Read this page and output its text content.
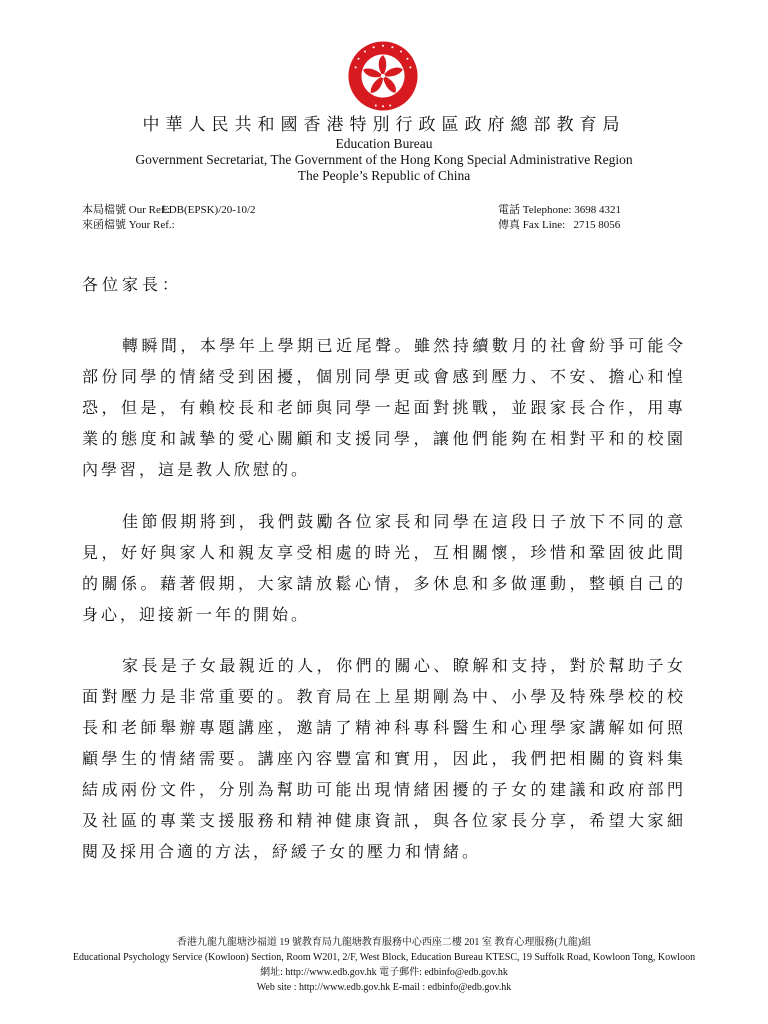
中華人民共和國香港特別行政區政府總部教育局
Education Bureau
Government Secretariat, The Government of the Hong Kong Special Administrative Region
The People’s Republic of China
本局檔號 Our Ref.:EDB(EPSK)/20-10/2
來函檔號 Your Ref.:
電話 Telephone: 3698 4321
傳真 Fax Line: 2715 8056
各位家長：
轉瞬間，本學年上學期已近尾聲。雖然持續數月的社會紛爭可能令部份同學的情緒受到困擾，個別同學更或會感到壓力、不安、擔心和惶恐，但是，有賴校長和老師與同學一起面對挑戰，並跟家長合作，用專業的態度和誠摯的愛心關顧和支援同學，讓他們能夠在相對平和的校園內學習，這是教人欣慰的。
佳節假期將到，我們鼓勵各位家長和同學在這段日子放下不同的意見，好好與家人和親友享受相處的時光，互相關懷，珍惜和鞏固彼此間的關係。藉著假期，大家請放鬆心情，多休息和多做運動，整頓自己的身心，迎接新一年的開始。
家長是子女最親近的人，你們的關心、瞭解和支持，對於幫助子女面對壓力是非常重要的。教育局在上星期剛為中、小學及特殊學校的校長和老師舉辦專題講座，邀請了精神科專科醫生和心理學家講解如何照顧學生的情緒需要。講座內容豐富和實用，因此，我們把相關的資料集結成兩份文件，分別為幫助可能出現情緒困擾的子女的建議和政府部門及社區的專業支援服務和精神健康資訊，與各位家長分享，希望大家細閱及採用合適的方法，紓緩子女的壓力和情緒。
香港九龍九龍塘沙福道 19 號教育局九龍塘教育服務中心西座二樓 201 室 教育心理服務(九龍)組
Educational Psychology Service (Kowloon) Section, Room W201, 2/F, West Block, Education Bureau KTESC, 19 Suffolk Road, Kowloon Tong, Kowloon
網址: http://www.edb.gov.hk 電子郵件: edbinfo@edb.gov.hk
Web site : http://www.edb.gov.hk E-mail : edbinfo@edb.gov.hk
